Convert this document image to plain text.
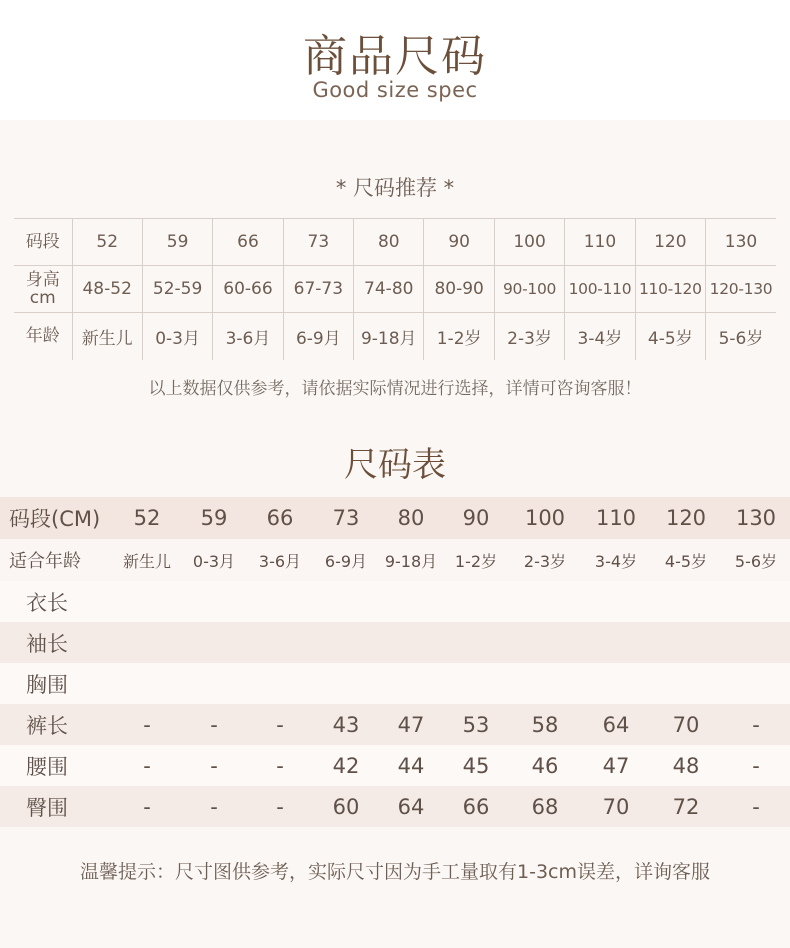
商品尺码
Good size spec
* 尺码推荐 *
码段	52	59	66	73	80	90	100	110	120	130

身高
cm	48-52	52-59	60-66	67-73	74-80	80-90	90-100	100-110	110-120	120-130
年龄	新生儿	0-3月	3-6月	6-9月	9-18月	1-2岁	2-3岁	3-4岁	4-5岁	5-6岁
以上数据仅供参考，请依据实际情况进行选择，详情可咨询客服！
尺码表
码段(CM)	52	59	66	73	80	90	100	110	120	130
适合年龄	新生儿	0-3月	3-6月	6-9月	9-18月	1-2岁	2-3岁	3-4岁	4-5岁	5-6岁
衣长										
袖长										
胸围										
裤长	-	-	-	43	47	53	58	64	70	-
腰围	-	-	-	42	44	45	46	47	48	-
臀围	-	-	-	60	64	66	68	70	72	-
温馨提示：尺寸图供参考，实际尺寸因为手工量取有1-3cm误差，详询客服
